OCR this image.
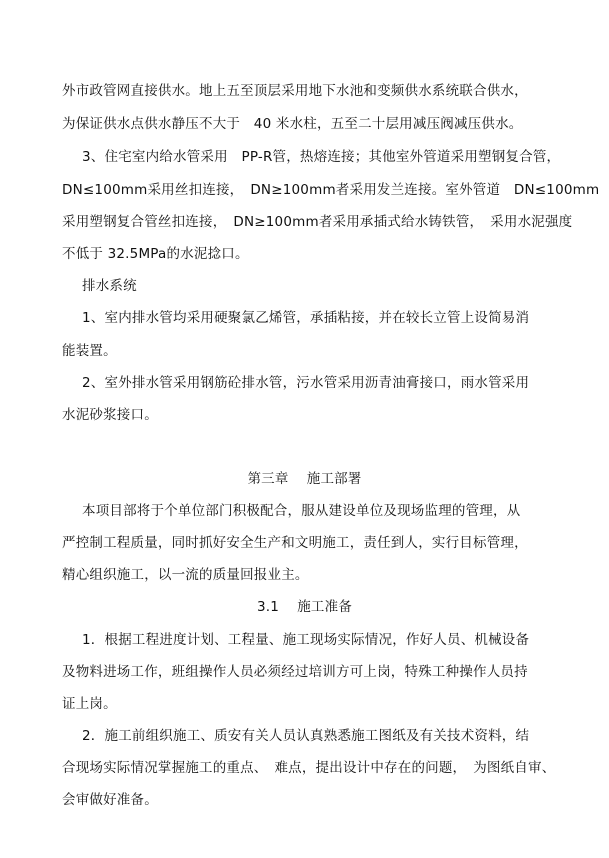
外市政管网直接供水。地上五至顶层采用地下水池和变频供水系统联合供水，
为保证供水点供水静压不大于　40 米水柱，五至二十层用减压阀减压供水。
3、住宅室内给水管采用　PP-R管，热熔连接；其他室外管道采用塑钢复合管，
DN≤100mm采用丝扣连接，　DN≥100mm者采用发兰连接。室外管道　DN≤100mm
采用塑钢复合管丝扣连接，　DN≥100mm者采用承插式给水铸铁管，　采用水泥强度
不低于 32.5MPa的水泥捻口。
排水系统
1、室内排水管均采用硬聚氯乙烯管，承插粘接，并在较长立管上设简易消
能装置。
2、室外排水管采用钢筋砼排水管，污水管采用沥青油膏接口，雨水管采用
水泥砂浆接口。
第三章　 施工部署
本项目部将于个单位部门积极配合，服从建设单位及现场监理的管理，从
严控制工程质量，同时抓好安全生产和文明施工，责任到人，实行目标管理，
精心组织施工，以一流的质量回报业主。
3.1　 施工准备
1．根据工程进度计划、工程量、施工现场实际情况，作好人员、机械设备
及物料进场工作，班组操作人员必须经过培训方可上岗，特殊工种操作人员持
证上岗。
2．施工前组织施工、质安有关人员认真熟悉施工图纸及有关技术资料，结
合现场实际情况掌握施工的重点、　难点，提出设计中存在的问题，　为图纸自审、
会审做好准备。
